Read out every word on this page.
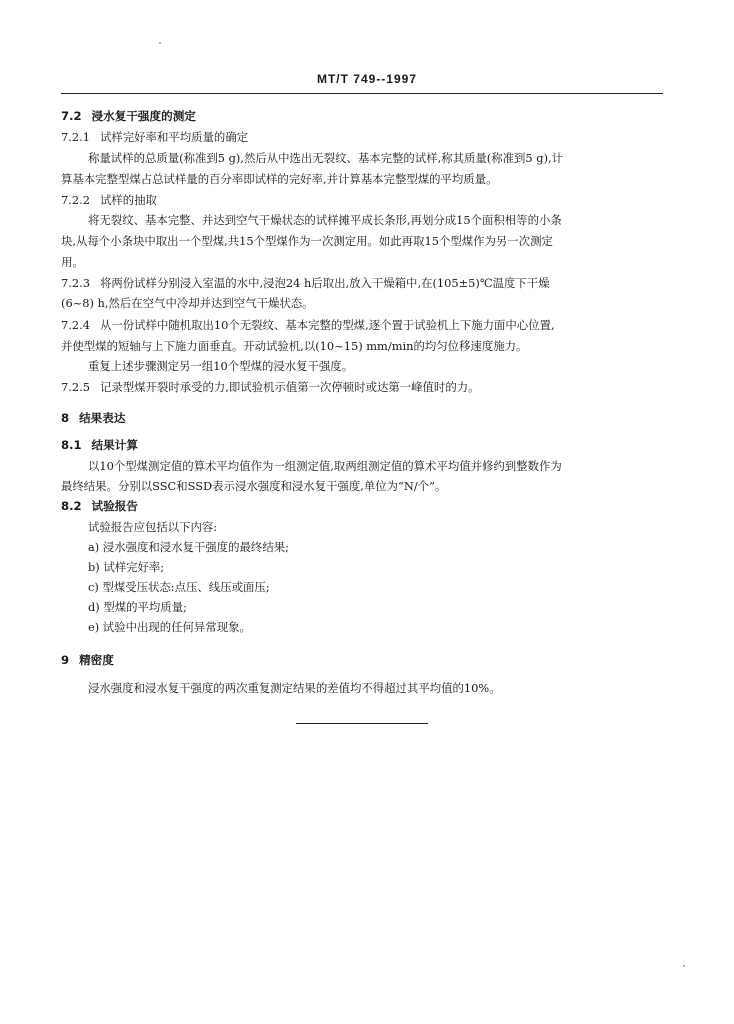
MT/T 749--1997
7.2 浸水复干强度的测定
7.2.1 试样完好率和平均质量的确定
称量试样的总质量(称准到5 g),然后从中选出无裂纹、基本完整的试样,称其质量(称准到5 g),计
算基本完整型煤占总试样量的百分率即试样的完好率,并计算基本完整型煤的平均质量。
7.2.2 试样的抽取
将无裂纹、基本完整、并达到空气干燥状态的试样摊平成长条形,再划分成15个面积相等的小条
块,从每个小条块中取出一个型煤,共15个型煤作为一次测定用。如此再取15个型煤作为另一次测定
用。
7.2.3 将两份试样分别浸入室温的水中,浸泡24 h后取出,放入干燥箱中,在(105±5)℃温度下干燥
(6~8) h,然后在空气中冷却并达到空气干燥状态。
7.2.4 从一份试样中随机取出10个无裂纹、基本完整的型煤,逐个置于试验机上下施力面中心位置,
并使型煤的短轴与上下施力面垂直。开动试验机,以(10~15) mm/min的均匀位移速度施力。
重复上述步骤测定另一组10个型煤的浸水复干强度。
7.2.5 记录型煤开裂时承受的力,即试验机示值第一次停顿时或达第一峰值时的力。
8 结果表达
8.1 结果计算
以10个型煤测定值的算术平均值作为一组测定值,取两组测定值的算术平均值并修约到整数作为
最终结果。分别以SSC和SSD表示浸水强度和浸水复干强度,单位为“N/个”。
8.2 试验报告
试验报告应包括以下内容:
a) 浸水强度和浸水复干强度的最终结果;
b) 试样完好率;
c) 型煤受压状态:点压、线压或面压;
d) 型煤的平均质量;
e) 试验中出现的任何异常现象。
9 精密度
浸水强度和浸水复干强度的两次重复测定结果的差值均不得超过其平均值的10%。
